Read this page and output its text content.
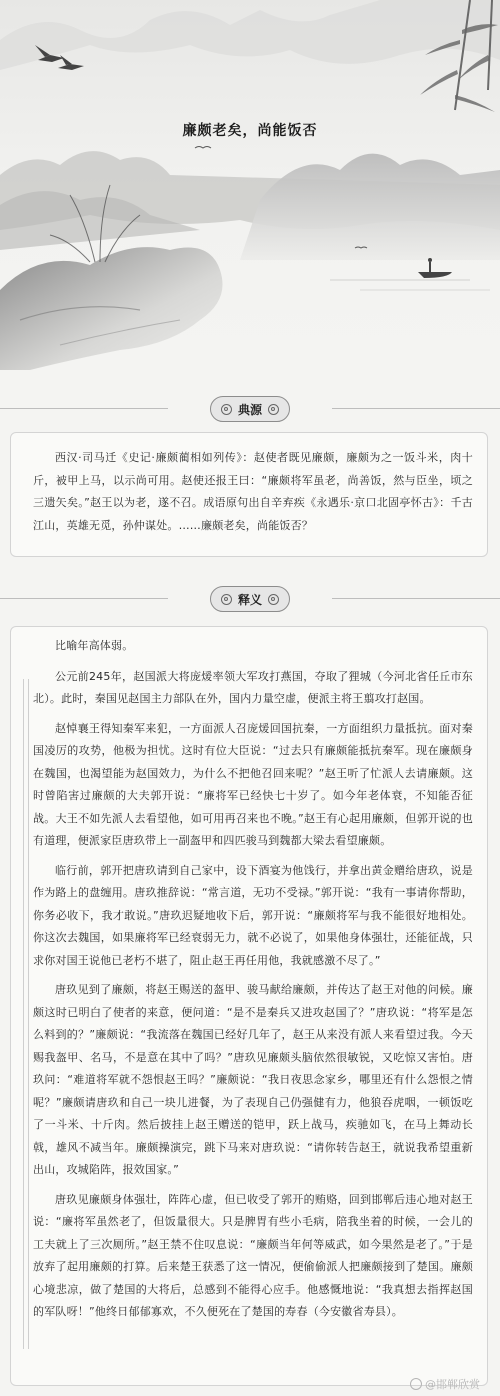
廉颇老矣，尚能饭否
典源

西汉·司马迁《史记·廉颇蔺相如列传》：赵使者既见廉颇，廉颇为之一饭斗米，肉十斤，被甲上马，以示尚可用。赵使还报王曰：“廉颇将军虽老，尚善饭，然与臣坐，顷之三遗矢矣。”赵王以为老，遂不召。成语原句出自辛弃疾《永遇乐·京口北固亭怀古》：千古江山，英雄无觅，孙仲谋处。……廉颇老矣，尚能饭否？

释义

比喻年高体弱。

公元前245年，赵国派大将庞煖率领大军攻打燕国，夺取了狸城（今河北省任丘市东北）。此时，秦国见赵国主力部队在外，国内力量空虚，便派主将王翦攻打赵国。

赵悼襄王得知秦军来犯，一方面派人召庞煖回国抗秦，一方面组织力量抵抗。面对秦国凌厉的攻势，他极为担忧。这时有位大臣说：“过去只有廉颇能抵抗秦军。现在廉颇身在魏国，也渴望能为赵国效力，为什么不把他召回来呢？”赵王听了忙派人去请廉颇。这时曾陷害过廉颇的大夫郭开说：“廉将军已经快七十岁了。如今年老体衰，不知能否征战。大王不如先派人去看望他，如可用再召来也不晚。”赵王有心起用廉颇，但郭开说的也有道理，便派家臣唐玖带上一副盔甲和四匹骏马到魏都大梁去看望廉颇。

临行前，郭开把唐玖请到自己家中，设下酒宴为他饯行，并拿出黄金赠给唐玖，说是作为路上的盘缠用。唐玖推辞说：“常言道，无功不受禄。”郭开说：“我有一事请你帮助，你务必收下，我才敢说。”唐玖迟疑地收下后，郭开说：“廉颇将军与我不能很好地相处。你这次去魏国，如果廉将军已经衰弱无力，就不必说了，如果他身体强壮，还能征战，只求你对国王说他已老朽不堪了，阻止赵王再任用他，我就感激不尽了。”

唐玖见到了廉颇，将赵王赐送的盔甲、骏马献给廉颇，并传达了赵王对他的问候。廉颇这时已明白了使者的来意，便问道：“是不是秦兵又进攻赵国了？”唐玖说：“将军是怎么料到的？”廉颇说：“我流落在魏国已经好几年了，赵王从来没有派人来看望过我。今天赐我盔甲、名马，不是意在其中了吗？”唐玖见廉颇头脑依然很敏锐，又吃惊又害怕。唐玖问：“难道将军就不怨恨赵王吗？”廉颇说：“我日夜思念家乡，哪里还有什么怨恨之情呢？”廉颇请唐玖和自己一块儿进餐，为了表现自己仍强健有力，他狼吞虎咽，一顿饭吃了一斗米、十斤肉。然后披挂上赵王赠送的铠甲，跃上战马，疾驰如飞，在马上舞动长戟，雄风不减当年。廉颇操演完，跳下马来对唐玖说：“请你转告赵王，就说我希望重新出山，攻城陷阵，报效国家。”

唐玖见廉颇身体强壮，阵阵心虚，但已收受了郭开的贿赂，回到邯郸后违心地对赵王说：“廉将军虽然老了，但饭量很大。只是脾胃有些小毛病，陪我坐着的时候，一会儿的工夫就上了三次厕所。”赵王禁不住叹息说：“廉颇当年何等威武，如今果然是老了。”于是放弃了起用廉颇的打算。后来楚王获悉了这一情况，便偷偷派人把廉颇接到了楚国。廉颇心境悲凉，做了楚国的大将后，总感到不能得心应手。他感慨地说：“我真想去指挥赵国的军队呀！”他终日郁郁寡欢，不久便死在了楚国的寿春（今安徽省寿县）。

@邯郸欣赏
